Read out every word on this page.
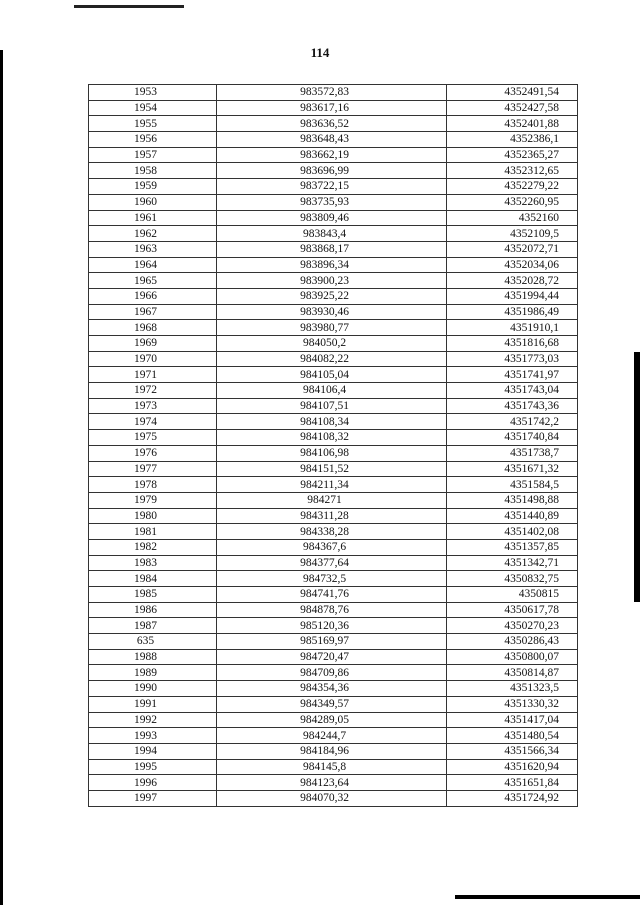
114
1953	983572,83	4352491,54
1954	983617,16	4352427,58
1955	983636,52	4352401,88
1956	983648,43	4352386,1
1957	983662,19	4352365,27
1958	983696,99	4352312,65
1959	983722,15	4352279,22
1960	983735,93	4352260,95
1961	983809,46	4352160
1962	983843,4	4352109,5
1963	983868,17	4352072,71
1964	983896,34	4352034,06
1965	983900,23	4352028,72
1966	983925,22	4351994,44
1967	983930,46	4351986,49
1968	983980,77	4351910,1
1969	984050,2	4351816,68
1970	984082,22	4351773,03
1971	984105,04	4351741,97
1972	984106,4	4351743,04
1973	984107,51	4351743,36
1974	984108,34	4351742,2
1975	984108,32	4351740,84
1976	984106,98	4351738,7
1977	984151,52	4351671,32
1978	984211,34	4351584,5
1979	984271	4351498,88
1980	984311,28	4351440,89
1981	984338,28	4351402,08
1982	984367,6	4351357,85
1983	984377,64	4351342,71
1984	984732,5	4350832,75
1985	984741,76	4350815
1986	984878,76	4350617,78
1987	985120,36	4350270,23
635	985169,97	4350286,43
1988	984720,47	4350800,07
1989	984709,86	4350814,87
1990	984354,36	4351323,5
1991	984349,57	4351330,32
1992	984289,05	4351417,04
1993	984244,7	4351480,54
1994	984184,96	4351566,34
1995	984145,8	4351620,94
1996	984123,64	4351651,84
1997	984070,32	4351724,92
